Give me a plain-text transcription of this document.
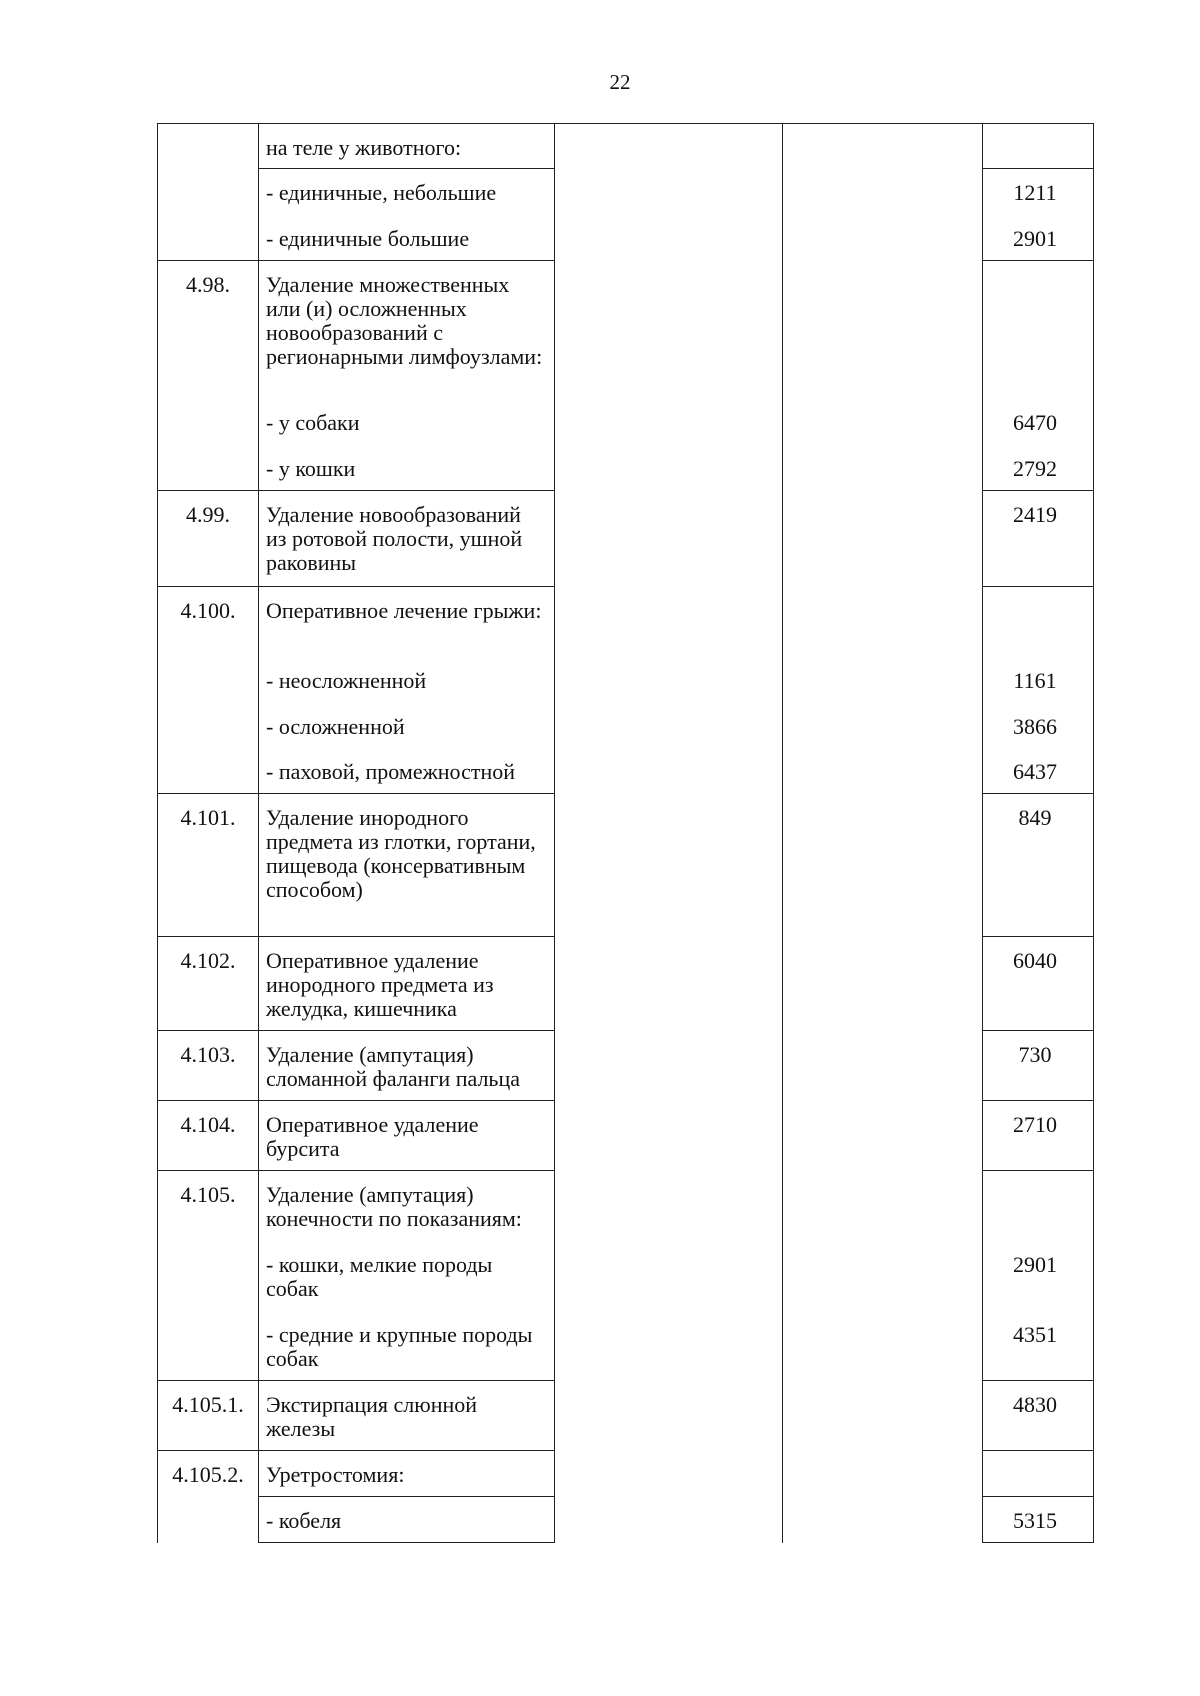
22

	на теле у животного:			

	- единичные, небольшие			1211

	- единичные большие			2901

4.98.	Удаление множественных или (и) осложненных новообразований с регионарными лимфоузлами:			

	- у собаки			6470

	- у кошки			2792

4.99.	Удаление новообразований из ротовой полости, ушной раковины			2419

4.100.	Оперативное лечение грыжи:			

	- неосложненной			1161

	- осложненной			3866

	- паховой, промежностной			6437

4.101.	Удаление инородного предмета из глотки, гортани, пищевода (консервативным способом)			849

4.102.	Оперативное удаление инородного предмета из желудка, кишечника			6040

4.103.	Удаление (ампутация) сломанной фаланги пальца			730

4.104.	Оперативное удаление бурсита			2710

4.105.	Удаление (ампутация) конечности по показаниям:			

	- кошки, мелкие породы собак			2901

	- средние и крупные породы собак			4351

4.105.1.	Экстирпация слюнной железы			4830

4.105.2.	Уретростомия:			

	- кобеля			5315
